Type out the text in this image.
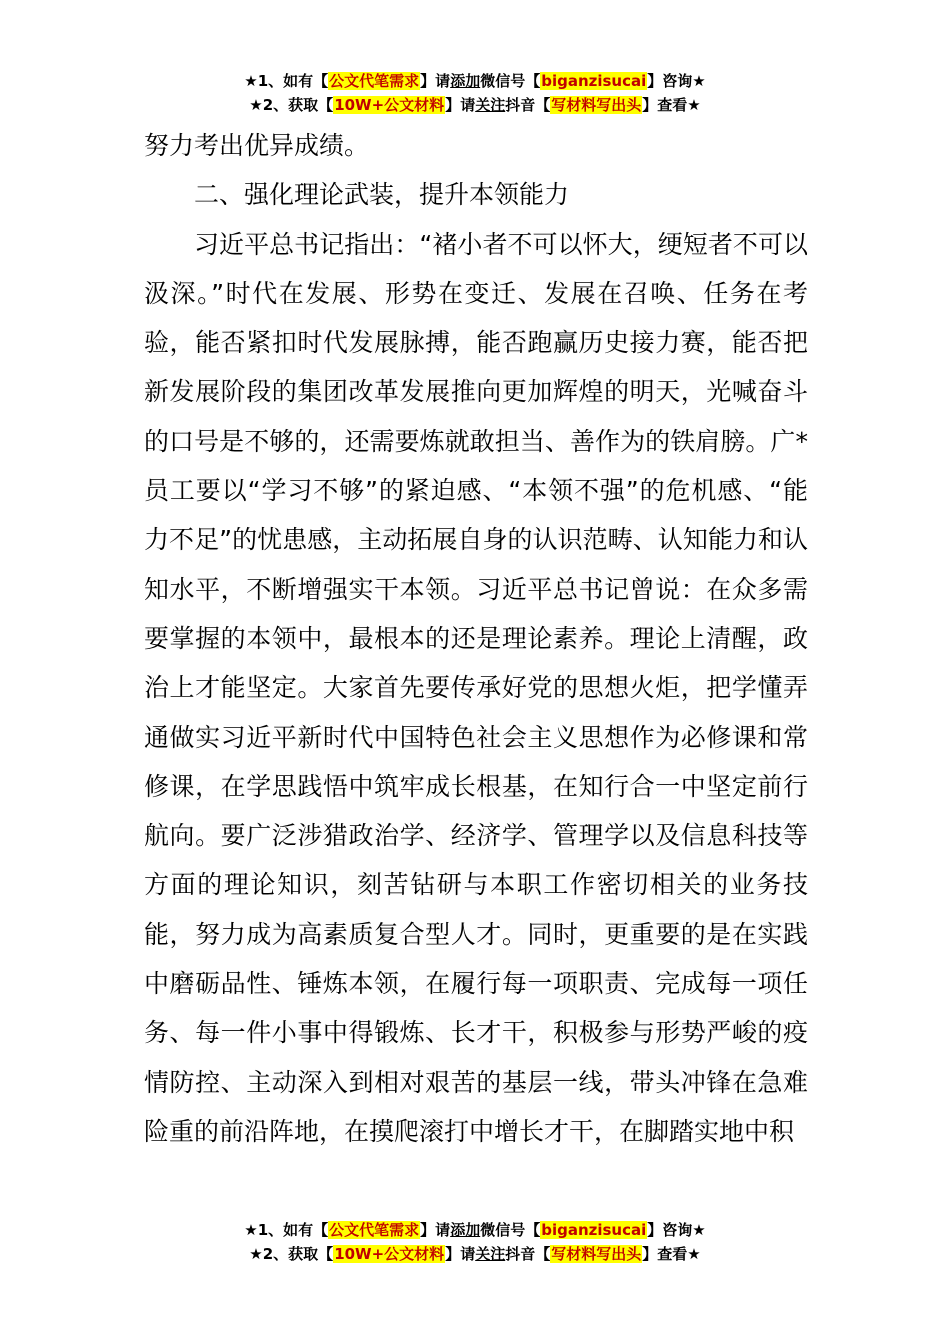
★1、如有【公文代笔需求】请添加微信号【biganzisucai】咨询★
★2、获取【10W+公文材料】请关注抖音【写材料写出头】查看★

努力考出优异成绩。

二、强化理论武装，提升本领能力

习近平总书记指出：“褚小者不可以怀大，绠短者不可以汲深。”时代在发展、形势在变迁、发展在召唤、任务在考验，能否紧扣时代发展脉搏，能否跑赢历史接力赛，能否把新发展阶段的集团改革发展推向更加辉煌的明天，光喊奋斗的口号是不够的，还需要炼就敢担当、善作为的铁肩膀。广*员工要以“学习不够”的紧迫感、“本领不强”的危机感、“能力不足”的忧患感，主动拓展自身的认识范畴、认知能力和认知水平，不断增强实干本领。习近平总书记曾说：在众多需要掌握的本领中，最根本的还是理论素养。理论上清醒，政治上才能坚定。大家首先要传承好党的思想火炬，把学懂弄通做实习近平新时代中国特色社会主义思想作为必修课和常修课，在学思践悟中筑牢成长根基，在知行合一中坚定前行航向。要广泛涉猎政治学、经济学、管理学以及信息科技等方面的理论知识，刻苦钻研与本职工作密切相关的业务技能，努力成为高素质复合型人才。同时，更重要的是在实践中磨砺品性、锤炼本领，在履行每一项职责、完成每一项任务、每一件小事中得锻炼、长才干，积极参与形势严峻的疫情防控、主动深入到相对艰苦的基层一线，带头冲锋在急难险重的前沿阵地，在摸爬滚打中增长才干，在脚踏实地中积

★1、如有【公文代笔需求】请添加微信号【biganzisucai】咨询★
★2、获取【10W+公文材料】请关注抖音【写材料写出头】查看★
